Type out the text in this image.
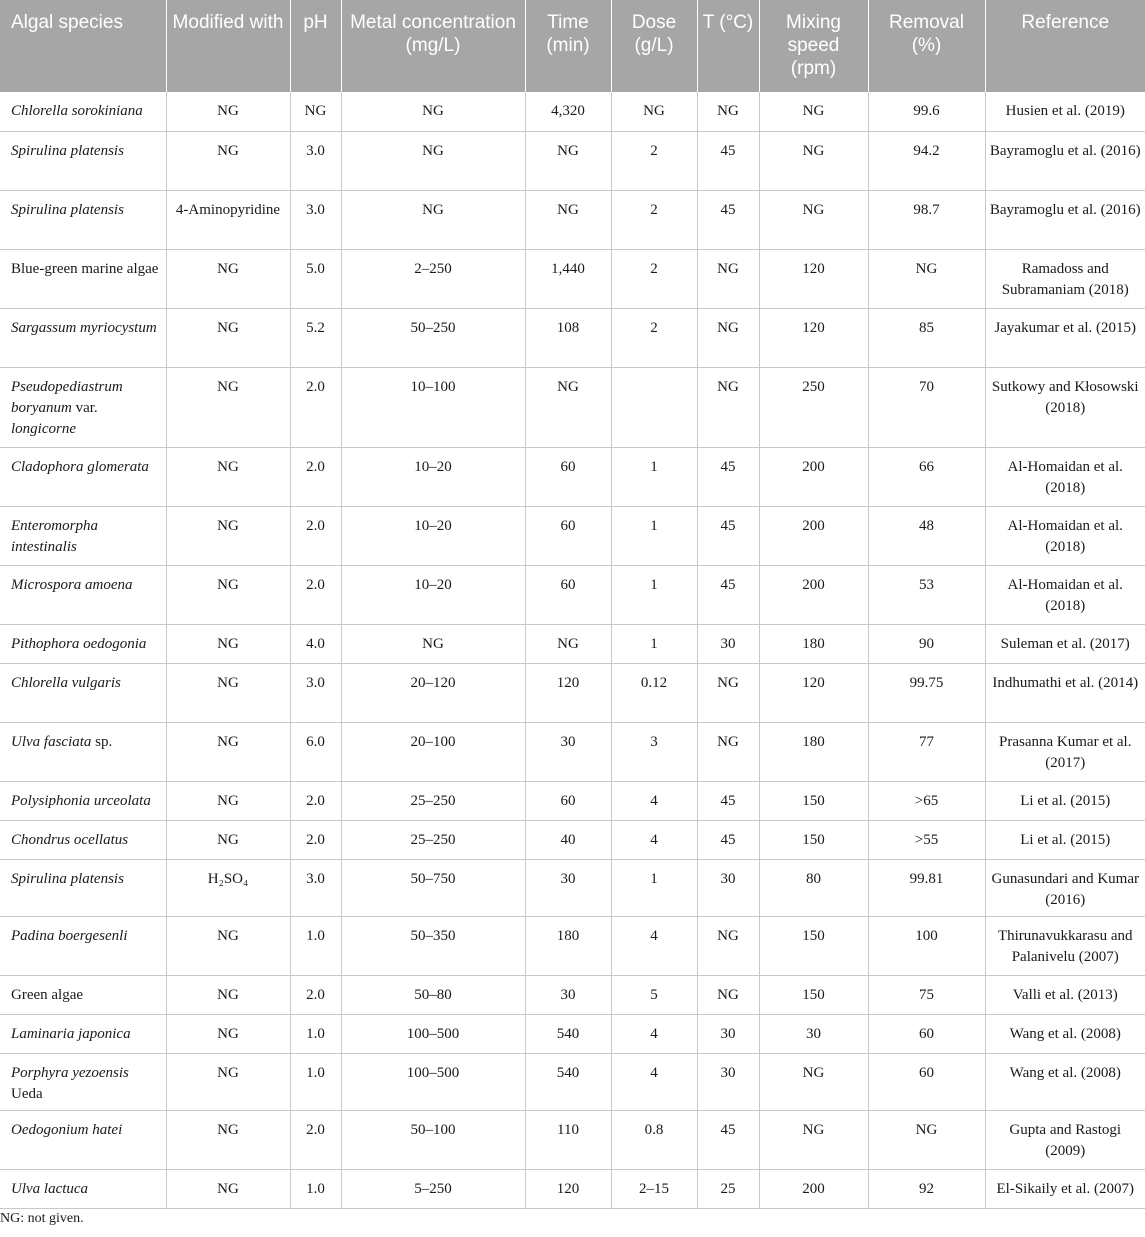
Algal species	Modified with	pH	Metal concentration (mg/L)	Time (min)	Dose (g/L)	T (°C)	Mixing speed (rpm)	Removal (%)	Reference
Chlorella sorokiniana	NG	NG	NG	4,320	NG	NG	NG	99.6	Husien et al. (2019)
Spirulina platensis	NG	3.0	NG	NG	2	45	NG	94.2	Bayramoglu et al. (2016)
Spirulina platensis	4-Aminopyridine	3.0	NG	NG	2	45	NG	98.7	Bayramoglu et al. (2016)
Blue-green marine algae	NG	5.0	2–250	1,440	2	NG	120	NG	Ramadoss and Subramaniam (2018)
Sargassum myriocystum	NG	5.2	50–250	108	2	NG	120	85	Jayakumar et al. (2015)
Pseudopediastrum boryanum var. longicorne	NG	2.0	10–100	NG		NG	250	70	Sutkowy and Kłosowski (2018)
Cladophora glomerata	NG	2.0	10–20	60	1	45	200	66	Al-Homaidan et al. (2018)
Enteromorpha intestinalis	NG	2.0	10–20	60	1	45	200	48	Al-Homaidan et al. (2018)
Microspora amoena	NG	2.0	10–20	60	1	45	200	53	Al-Homaidan et al. (2018)
Pithophora oedogonia	NG	4.0	NG	NG	1	30	180	90	Suleman et al. (2017)
Chlorella vulgaris	NG	3.0	20–120	120	0.12	NG	120	99.75	Indhumathi et al. (2014)
Ulva fasciata sp.	NG	6.0	20–100	30	3	NG	180	77	Prasanna Kumar et al. (2017)
Polysiphonia urceolata	NG	2.0	25–250	60	4	45	150	>65	Li et al. (2015)
Chondrus ocellatus	NG	2.0	25–250	40	4	45	150	>55	Li et al. (2015)
Spirulina platensis	H₂SO₄	3.0	50–750	30	1	30	80	99.81	Gunasundari and Kumar (2016)
Padina boergesenli	NG	1.0	50–350	180	4	NG	150	100	Thirunavukkarasu and Palanivelu (2007)
Green algae	NG	2.0	50–80	30	5	NG	150	75	Valli et al. (2013)
Laminaria japonica	NG	1.0	100–500	540	4	30	30	60	Wang et al. (2008)
Porphyra yezoensis Ueda	NG	1.0	100–500	540	4	30	NG	60	Wang et al. (2008)
Oedogonium hatei	NG	2.0	50–100	110	0.8	45	NG	NG	Gupta and Rastogi (2009)
Ulva lactuca	NG	1.0	5–250	120	2–15	25	200	92	El-Sikaily et al. (2007)
NG: not given.
